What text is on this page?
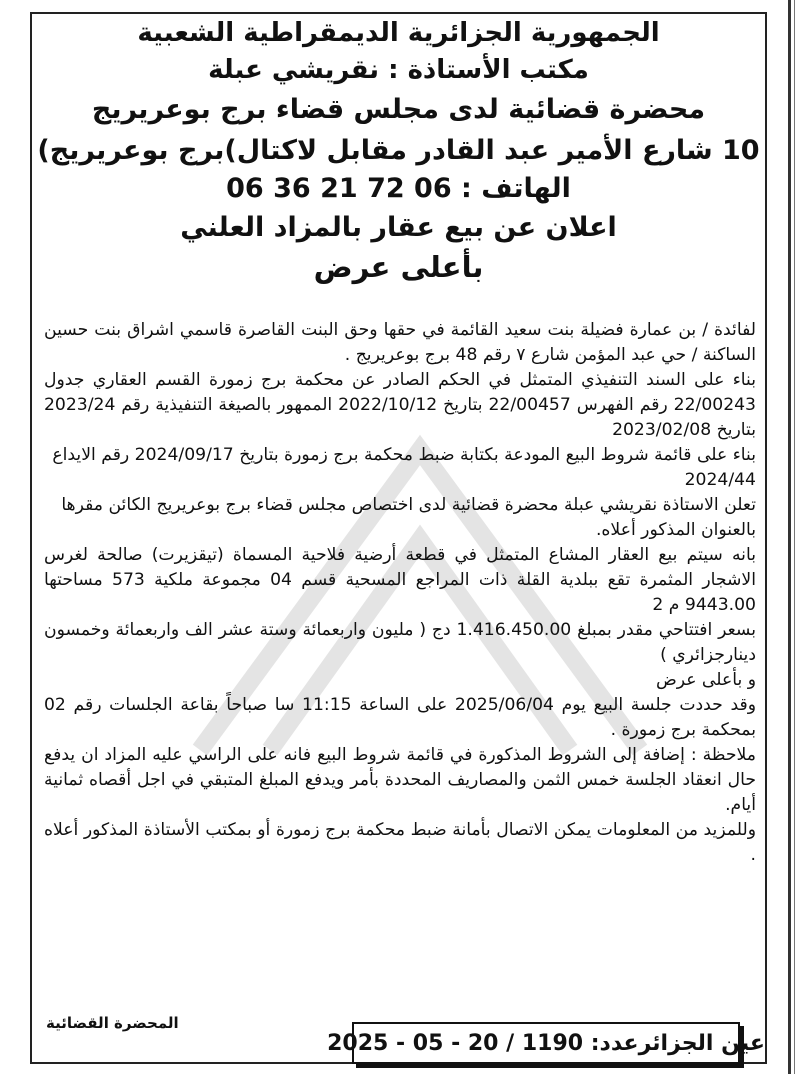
الجمهورية الجزائرية الديمقراطية الشعبية
مكتب الأستاذة : نقريشي عبلة
محضرة قضائية لدى مجلس قضاء برج بوعريريج
10 شارع الأمير عبد القادر مقابل لاكتال)برج بوعريريج)
الهاتف : 06 72 21 36 06
اعلان عن بيع عقار بالمزاد العلني
بأعلى عرض

لفائدة / بن عمارة فضيلة بنت سعيد القائمة في حقها وحق البنت القاصرة قاسمي اشراق بنت حسين الساكنة / حي عبد المؤمن شارع ٧ رقم 48 برج بوعريريج .

بناء على السند التنفيذي المتمثل في الحكم الصادر عن محكمة برج زمورة القسم العقاري جدول 22/00243 رقم الفهرس 22/00457 بتاريخ 2022/10/12 الممهور بالصيغة التنفيذية رقم 2023/24 بتاريخ 2023/02/08

بناء على قائمة شروط البيع المودعة بكتابة ضبط محكمة برج زمورة بتاريخ 2024/09/17 رقم الايداع

2024/44

تعلن الاستاذة نقريشي عبلة محضرة قضائية لدى اختصاص مجلس قضاء برج بوعريريج الكائن مقرها

بالعنوان المذكور أعلاه.

بانه سيتم بيع العقار المشاع المتمثل في قطعة أرضية فلاحية المسماة (تيقزيرت) صالحة لغرس الاشجار المثمرة تقع ببلدية القلة ذات المراجع المسحية قسم 04 مجموعة ملكية 573 مساحتها 9443.00 م 2

بسعر افتتاحي مقدر بمبلغ 1.416.450.00 دج ( مليون واربعمائة وستة عشر الف واربعمائة وخمسون دينارجزائري )

و بأعلى عرض

وقد حددت جلسة البيع يوم 2025/06/04 على الساعة 11:15 سا صباحاً بقاعة الجلسات رقم 02 بمحكمة برج زمورة .

ملاحظة : إضافة إلى الشروط المذكورة في قائمة شروط البيع فانه على الراسي عليه المزاد ان يدفع حال انعقاد الجلسة خمس الثمن والمصاريف المحددة بأمر ويدفع المبلغ المتبقي في اجل أقصاه ثمانية أيام.

وللمزيد من المعلومات يمكن الاتصال بأمانة ضبط محكمة برج زمورة أو بمكتب الأستاذة المذكور أعلاه .

المحضرة القضائية
عين الجزائرعدد: 1190 / 20 - 05 - 2025
